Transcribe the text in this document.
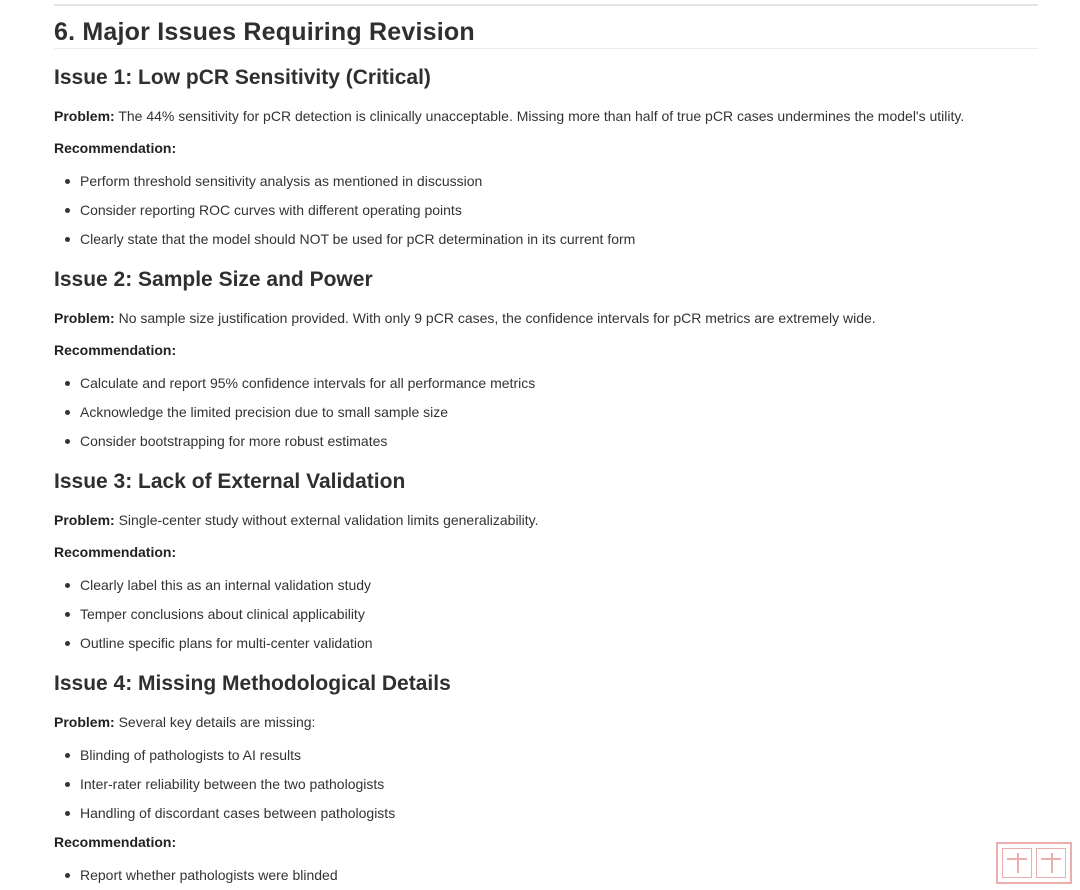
6. Major Issues Requiring Revision
Issue 1: Low pCR Sensitivity (Critical)
Problem: The 44% sensitivity for pCR detection is clinically unacceptable. Missing more than half of true pCR cases undermines the model's utility.
Recommendation:
Perform threshold sensitivity analysis as mentioned in discussion
Consider reporting ROC curves with different operating points
Clearly state that the model should NOT be used for pCR determination in its current form
Issue 2: Sample Size and Power
Problem: No sample size justification provided. With only 9 pCR cases, the confidence intervals for pCR metrics are extremely wide.
Recommendation:
Calculate and report 95% confidence intervals for all performance metrics
Acknowledge the limited precision due to small sample size
Consider bootstrapping for more robust estimates
Issue 3: Lack of External Validation
Problem: Single-center study without external validation limits generalizability.
Recommendation:
Clearly label this as an internal validation study
Temper conclusions about clinical applicability
Outline specific plans for multi-center validation
Issue 4: Missing Methodological Details
Problem: Several key details are missing:
Blinding of pathologists to AI results
Inter-rater reliability between the two pathologists
Handling of discordant cases between pathologists
Recommendation:
Report whether pathologists were blinded
